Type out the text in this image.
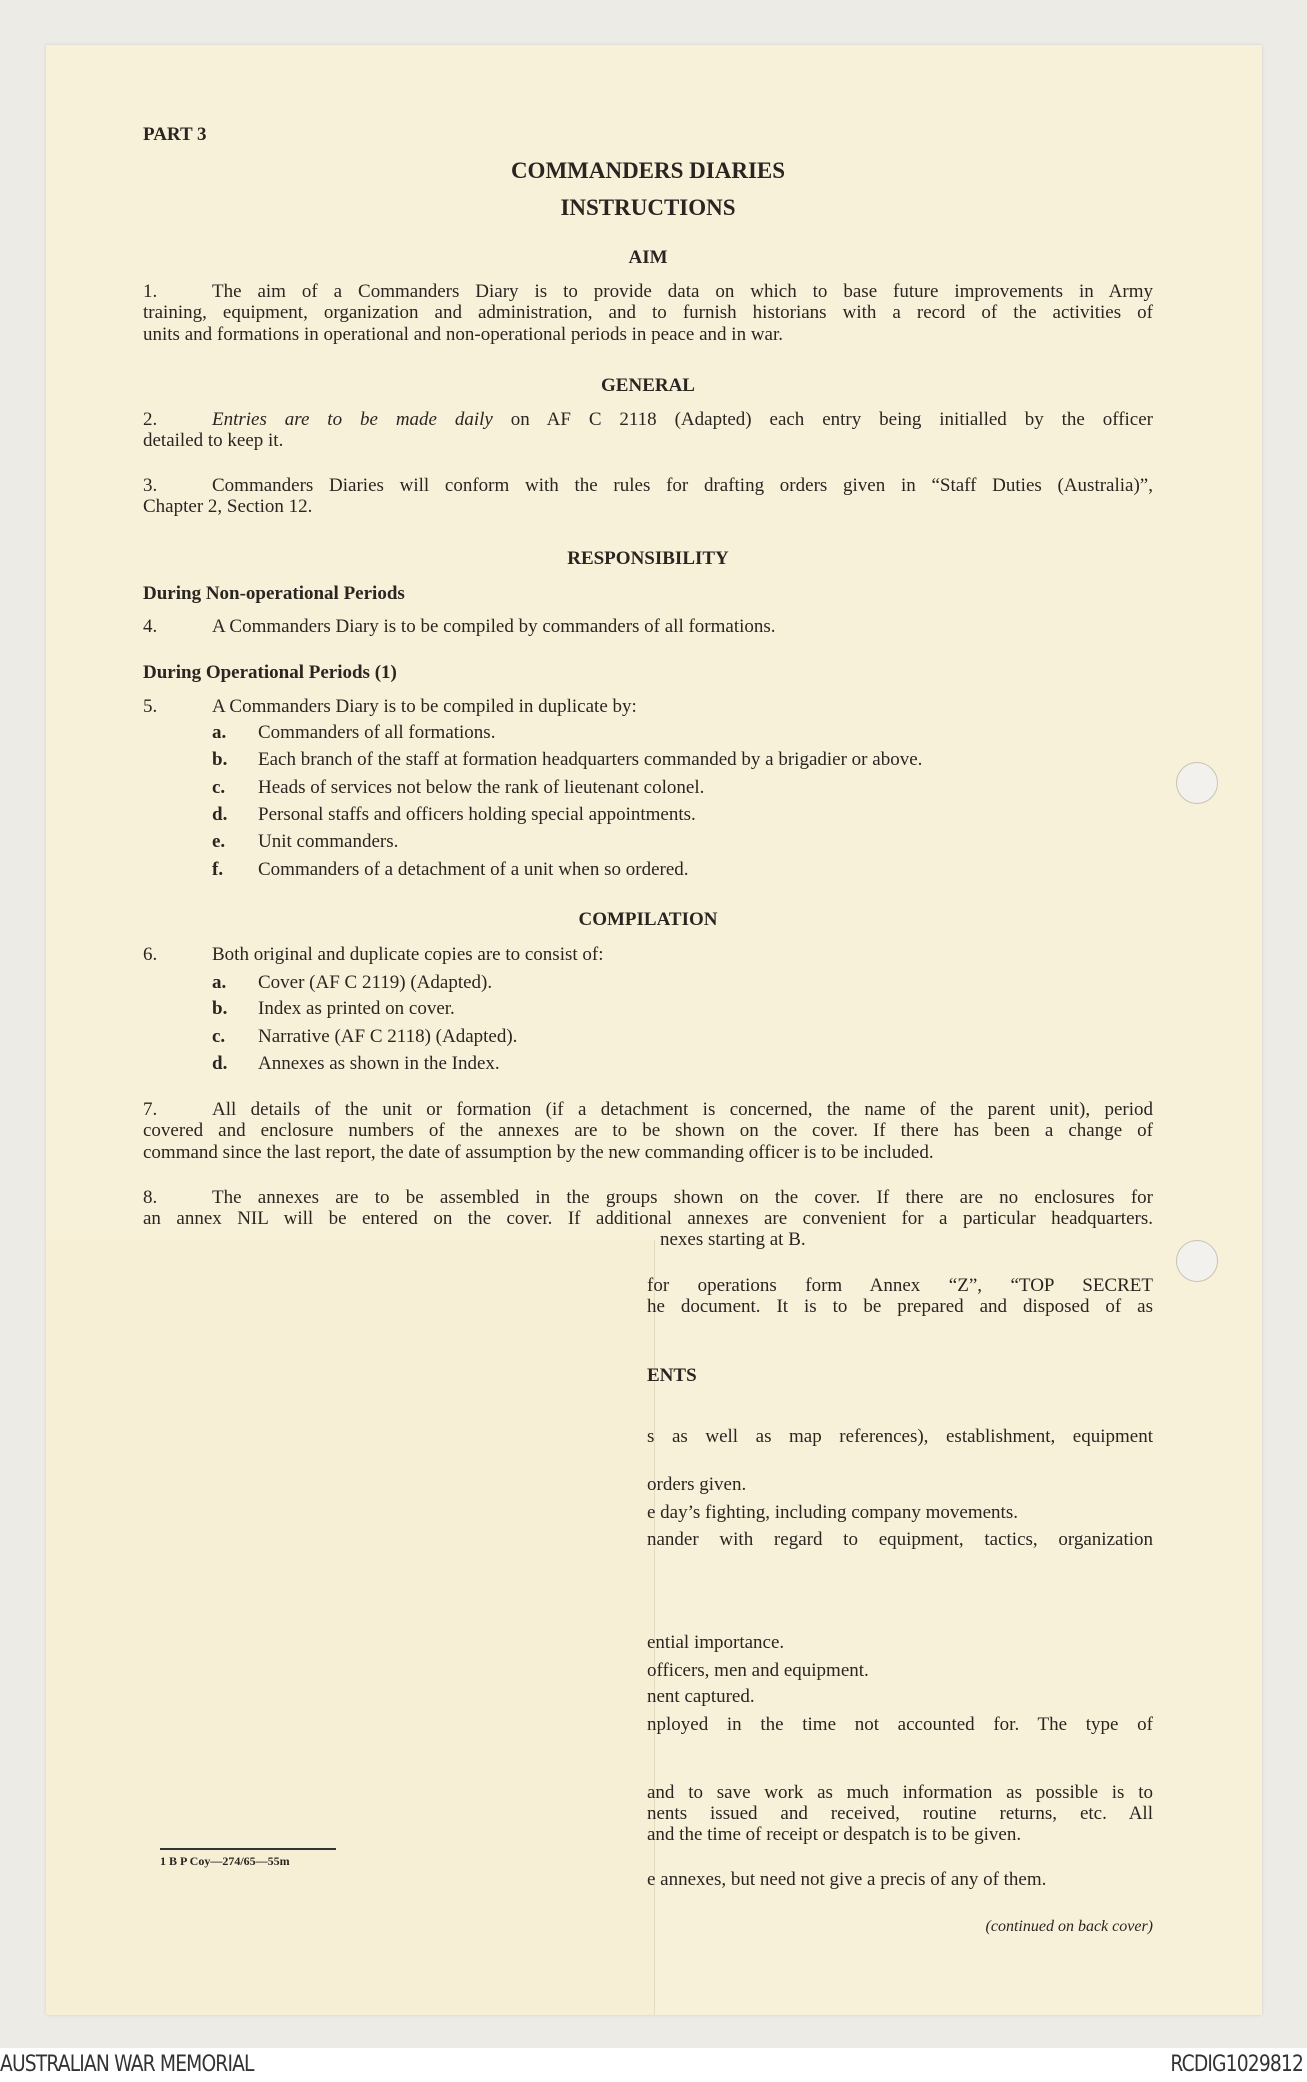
PART 3
COMMANDERS DIARIES
INSTRUCTIONS
AIM
1.	The aim of a Commanders Diary is to provide data on which to base future improvements in Army
training, equipment, organization and administration, and to furnish historians with a record of the activities of
units and formations in operational and non-operational periods in peace and in war.
GENERAL
2.	Entries are to be made daily on AF C 2118 (Adapted) each entry being initialled by the officer
detailed to keep it.
3.	Commanders Diaries will conform with the rules for drafting orders given in “Staff Duties (Australia)”,
Chapter 2, Section 12.
RESPONSIBILITY
During Non-operational Periods
4.	A Commanders Diary is to be compiled by commanders of all formations.
During Operational Periods (1)
5.	A Commanders Diary is to be compiled in duplicate by:
a. Commanders of all formations.
b. Each branch of the staff at formation headquarters commanded by a brigadier or above.
c. Heads of services not below the rank of lieutenant colonel.
d. Personal staffs and officers holding special appointments.
e. Unit commanders.
f. Commanders of a detachment of a unit when so ordered.
COMPILATION
6.	Both original and duplicate copies are to consist of:
a. Cover (AF C 2119) (Adapted).
b. Index as printed on cover.
c. Narrative (AF C 2118) (Adapted).
d. Annexes as shown in the Index.
7.	All details of the unit or formation (if a detachment is concerned, the name of the parent unit), period
covered and enclosure numbers of the annexes are to be shown on the cover. If there has been a change of
command since the last report, the date of assumption by the new commanding officer is to be included.
8.	The annexes are to be assembled in the groups shown on the cover. If there are no enclosures for
an annex NIL will be entered on the cover. If additional annexes are convenient for a particular headquarters.
nexes starting at B.
for operations form Annex “Z”, “TOP SECRET
he document. It is to be prepared and disposed of as
ENTS
s as well as map references), establishment, equipment
orders given.
e day’s fighting, including company movements.
nander with regard to equipment, tactics, organization
ential importance.
officers, men and equipment.
nent captured.
nployed in the time not accounted for. The type of
and to save work as much information as possible is to
nents issued and received, routine returns, etc. All
and the time of receipt or despatch is to be given.
e annexes, but need not give a precis of any of them.
(continued on back cover)
1 B P Coy—274/65—55m
AUSTRALIAN WAR MEMORIAL	RCDIG1029812
